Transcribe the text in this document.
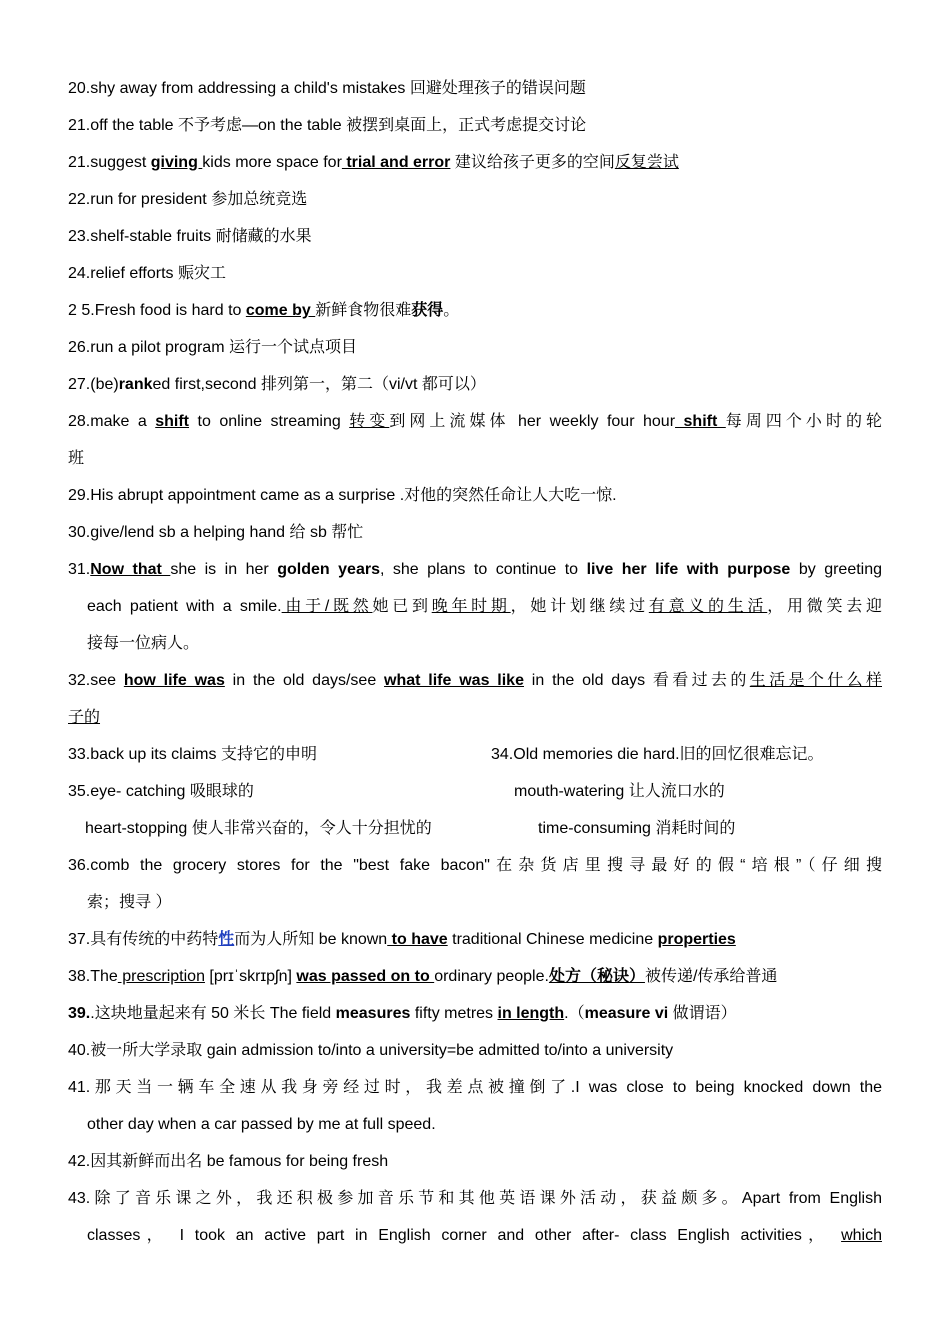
20.shy away from addressing a child's mistakes 回避处理孩子的错误问题
21.off the table 不予考虑—on the table 被摆到桌面上，正式考虑提交讨论
21.suggest giving kids more space for trial and error 建议给孩子更多的空间反复尝试
22.run for president 参加总统竞选
23.shelf-stable fruits 耐储藏的水果
24.relief efforts 赈灾工
2 5.Fresh food is hard to come by 新鲜食物很难获得。
26.run a pilot program 运行一个试点项目
27.(be)ranked first,second 排列第一，第二（vi/vt 都可以）
28.make a shift to online streaming 转变到网上流媒体 her weekly four hour shift 每周四个小时的轮
班
29.His abrupt appointment came as a surprise .对他的突然任命让人大吃一惊.
30.give/lend sb a helping hand 给 sb 帮忙
31.Now that she is in her golden years, she plans to continue to live her life with purpose by greeting
each patient with a smile.由于/既然她已到晚年时期，她计划继续过有意义的生活，用微笑去迎
接每一位病人。
32.see how life was in the old days/see what life was like in the old days 看看过去的生活是个什么样
子的
33.back up its claims 支持它的申明	34.Old memories die hard.旧的回忆很难忘记。
35.eye- catching 吸眼球的	mouth-watering 让人流口水的
heart-stopping 使人非常兴奋的，令人十分担忧的	time-consuming 消耗时间的
36.comb the grocery stores for the "best fake bacon"在杂货店里搜寻最好的假“培根”（仔细搜
索；搜寻 ）
37.具有传统的中药特性而为人所知 be known to have traditional Chinese medicine properties
38.The prescription [prɪˈskrɪpʃn] was passed on to ordinary people.处方（秘诀）被传递/传承给普通
39..这块地量起来有 50 米长 The field measures fifty metres in length.（measure vi 做谓语）
40.被一所大学录取 gain admission to/into a university=be admitted to/into a university
41.那天当一辆车全速从我身旁经过时，我差点被撞倒了.I was close to being knocked down the
other day when a car passed by me at full speed.
42.因其新鲜而出名 be famous for being fresh
43.除了音乐课之外，我还积极参加音乐节和其他英语课外活动，获益颇多。Apart from English
classes， I took an active part in English corner and other after- class English activities， which
